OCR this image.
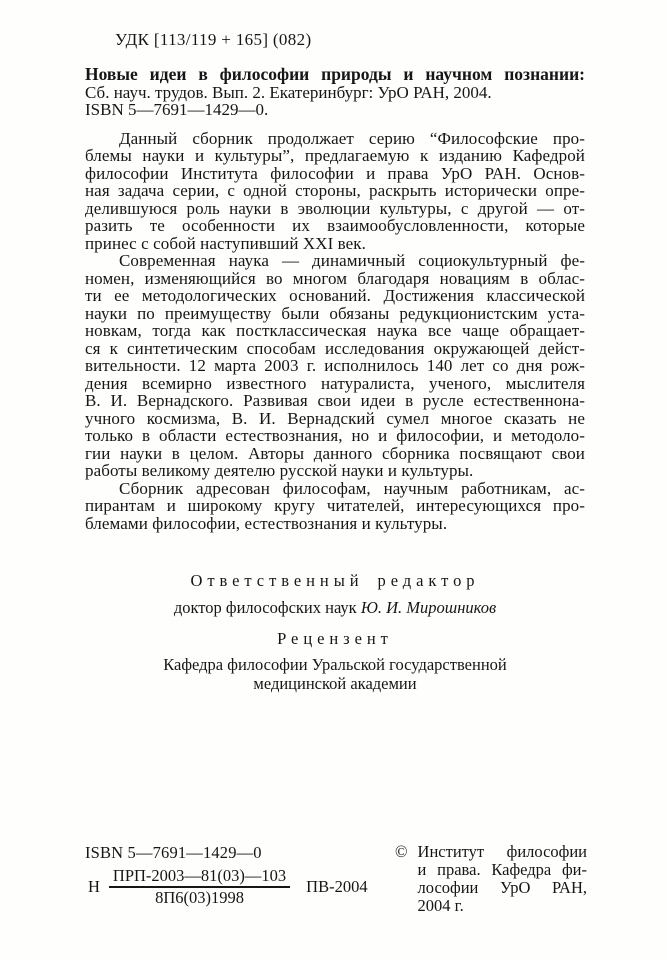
УДК [113/119 + 165] (082)
Новые идеи в философии природы и научном познании:
Сб. науч. трудов. Вып. 2. Екатеринбург: УрО РАН, 2004.
ISBN 5—7691—1429—0.
Данный сборник продолжает серию “Философские про-
блемы науки и культуры”, предлагаемую к изданию Кафедрой
философии Института философии и права УрО РАН. Основ-
ная задача серии, с одной стороны, раскрыть исторически опре-
делившуюся роль науки в эволюции культуры, с другой — от-
разить те особенности их взаимообусловленности, которые
принес с собой наступивший XXI век.
Современная наука — динамичный социокультурный фе-
номен, изменяющийся во многом благодаря новациям в облас-
ти ее методологических оснований. Достижения классической
науки по преимуществу были обязаны редукционистским уста-
новкам, тогда как постклассическая наука все чаще обращает-
ся к синтетическим способам исследования окружающей дейст-
вительности. 12 марта 2003 г. исполнилось 140 лет со дня рож-
дения всемирно известного натуралиста, ученого, мыслителя
В. И. Вернадского. Развивая свои идеи в русле естественнона-
учного космизма, В. И. Вернадский сумел многое сказать не
только в области естествознания, но и философии, и методоло-
гии науки в целом. Авторы данного сборника посвящают свои
работы великому деятелю русской науки и культуры.
Сборник адресован философам, научным работникам, ас-
пирантам и широкому кругу читателей, интересующихся про-
блемами философии, естествознания и культуры.
Ответственный редактор
доктор философских наук Ю. И. Мирошников
Рецензент
Кафедра философии Уральской государственной
медицинской академии
ISBN 5—7691—1429—0
Н $\frac{\text{ПРП-2003—81(03)—103}}{8П6(03)1998} ПВ-2004$
© Институт философии
и права. Кафедра фи-
лософии УрО РАН,
2004 г.
